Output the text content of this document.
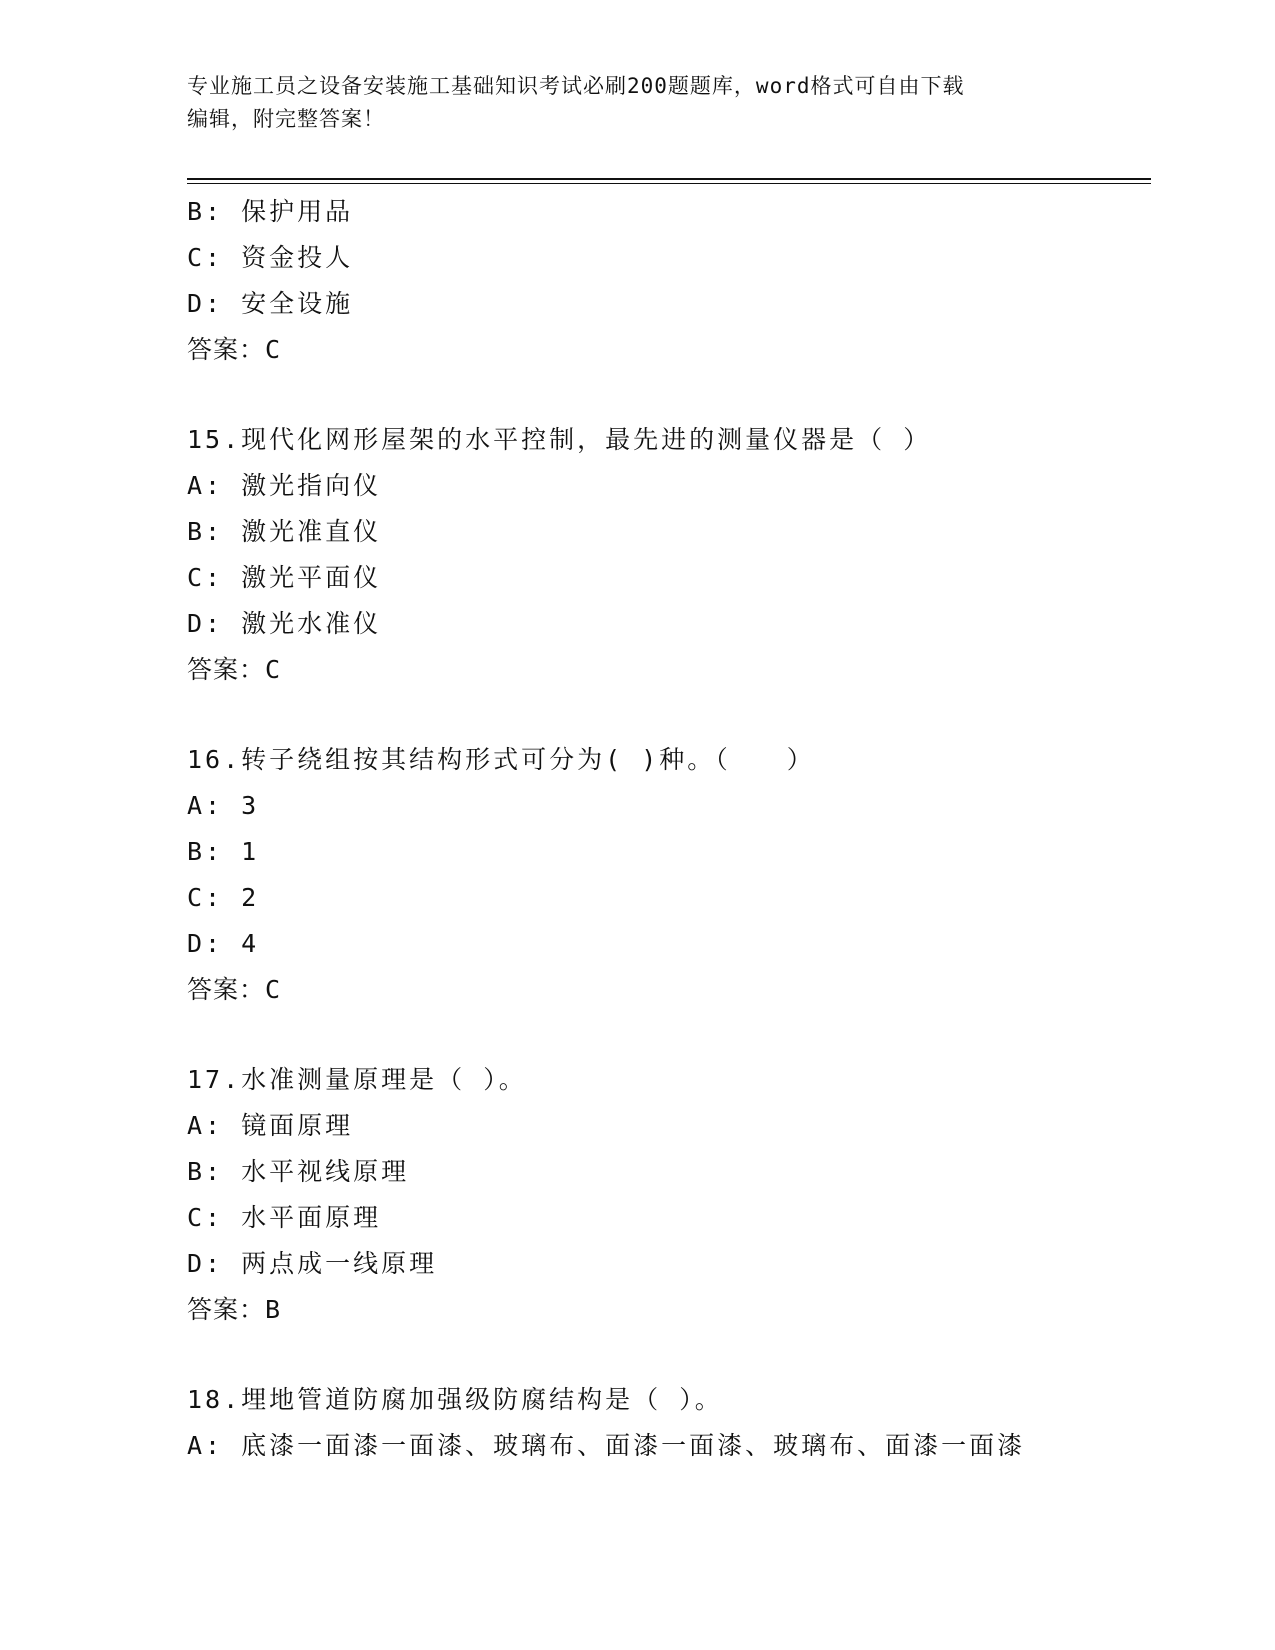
专业施工员之设备安装施工基础知识考试必刷200题题库，word格式可自由下载
编辑，附完整答案！
B: 保护用品
C: 资金投人
D: 安全设施
答案：C
15.现代化网形屋架的水平控制，最先进的测量仪器是（ ）
A: 激光指向仪
B: 激光准直仪
C: 激光平面仪
D: 激光水准仪
答案：C
16.转子绕组按其结构形式可分为( )种。（　　）
A: 3
B: 1
C: 2
D: 4
答案：C
17.水准测量原理是（ ）。
A: 镜面原理
B: 水平视线原理
C: 水平面原理
D: 两点成一线原理
答案：B
18.埋地管道防腐加强级防腐结构是（ ）。
A: 底漆一面漆一面漆、玻璃布、面漆一面漆、玻璃布、面漆一面漆
